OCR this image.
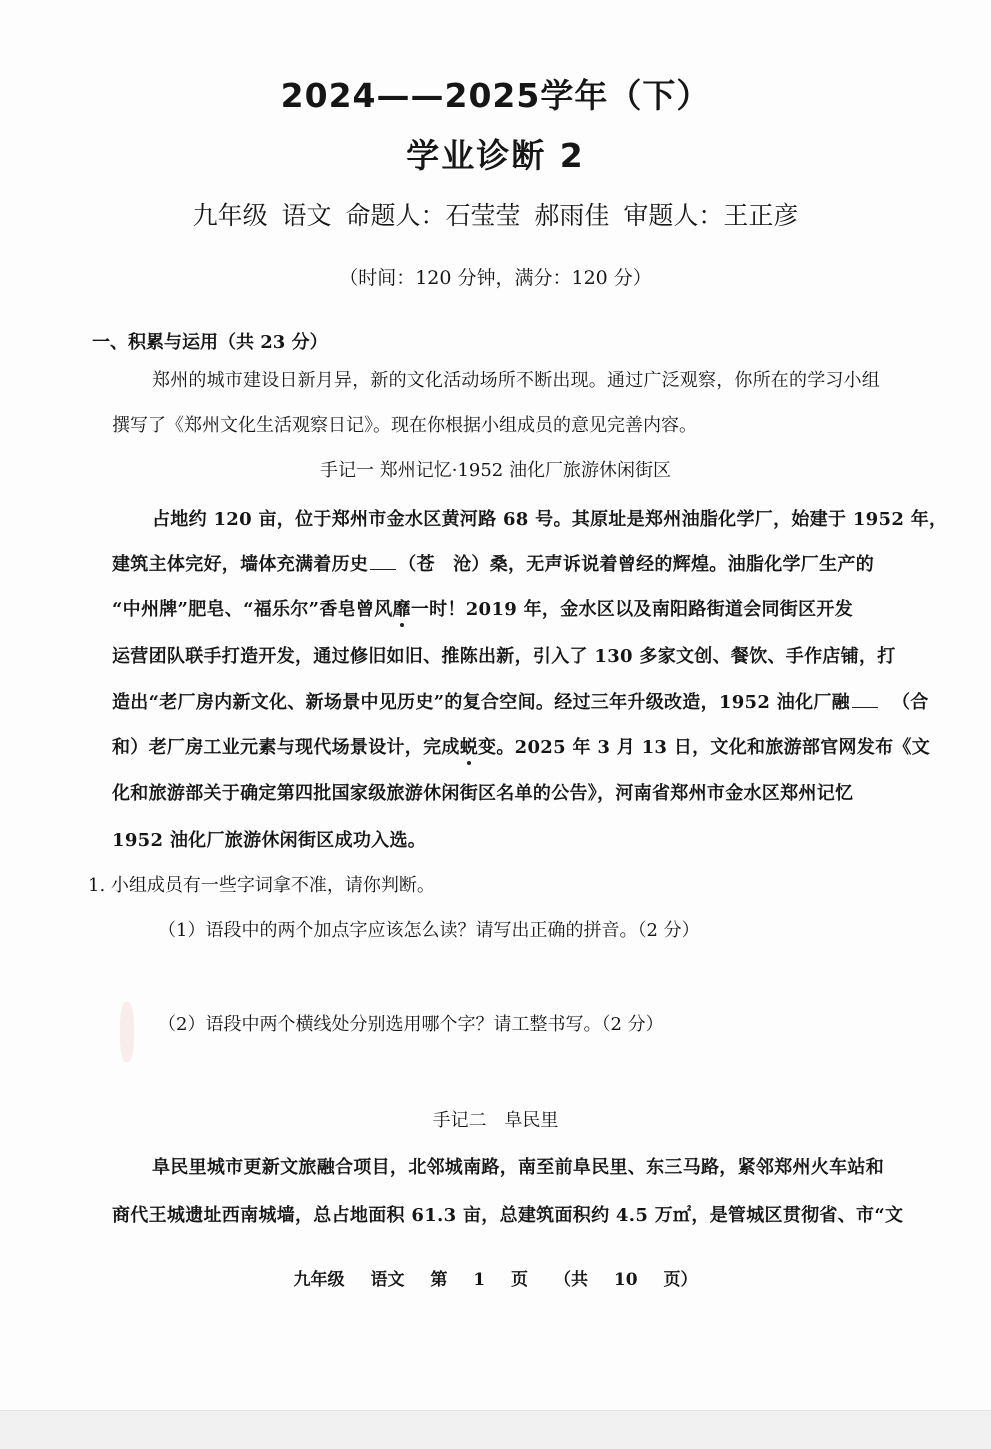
2024——2025学年（下）
学业诊断 2
九年级 语文 命题人：石莹莹 郝雨佳 审题人：王正彦
（时间：120 分钟，满分：120 分）
一、积累与运用（共 23 分）
郑州的城市建设日新月异，新的文化活动场所不断出现。通过广泛观察，你所在的学习小组
撰写了《郑州文化生活观察日记》。现在你根据小组成员的意见完善内容。
手记一 郑州记忆·1952 油化厂旅游休闲街区
占地约 120 亩，位于郑州市金水区黄河路 68 号。其原址是郑州油脂化学厂，始建于 1952 年，
建筑主体完好，墙体充满着历史 （苍　沧）桑，无声诉说着曾经的辉煌。油脂化学厂生产的
“中州牌”肥皂、“福乐尔”香皂曾风靡一时！2019 年，金水区以及南阳路街道会同街区开发
运营团队联手打造开发，通过修旧如旧、推陈出新，引入了 130 多家文创、餐饮、手作店铺，打
造出“老厂房内新文化、新场景中见历史”的复合空间。经过三年升级改造，1952 油化厂融 （合
和）老厂房工业元素与现代场景设计，完成蜕变。2025 年 3 月 13 日，文化和旅游部官网发布《文
化和旅游部关于确定第四批国家级旅游休闲街区名单的公告》，河南省郑州市金水区郑州记忆
1952 油化厂旅游休闲街区成功入选。
1. 小组成员有一些字词拿不准，请你判断。
（1）语段中的两个加点字应该怎么读？请写出正确的拼音。（2 分）
（2）语段中两个横线处分别选用哪个字？请工整书写。（2 分）
手记二 阜民里
阜民里城市更新文旅融合项目，北邻城南路，南至前阜民里、东三马路，紧邻郑州火车站和
商代王城遗址西南城墙，总占地面积 61.3 亩，总建筑面积约 4.5 万㎡，是管城区贯彻省、市“文
九年级 语文 第 1 页 （共 10 页）
